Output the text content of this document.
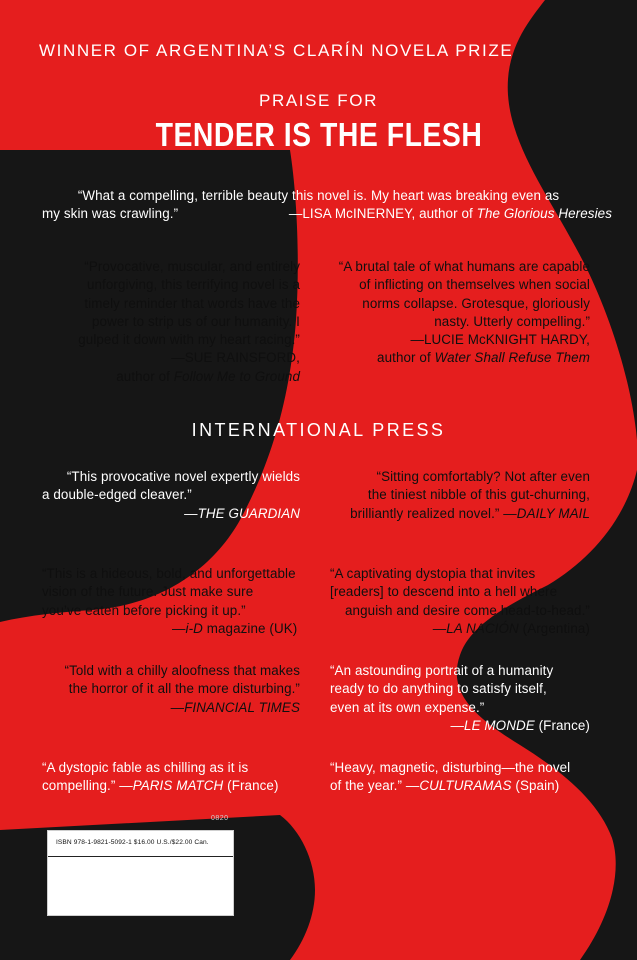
WINNER OF ARGENTINA’S CLARÍN NOVELA PRIZE
PRAISE FOR
TENDER IS THE FLESH
“What a compelling, terrible beauty this novel is. My heart was breaking even as
my skin was crawling.”	—LISA McINERNEY, author of The Glorious Heresies
“Provocative, muscular, and entirely
unforgiving, this terrifying novel is a
timely reminder that words have the
power to strip us of our humanity. I
gulped it down with my heart racing.”
—SUE RAINSFORD,
author of Follow Me to Ground
“A brutal tale of what humans are capable
of inflicting on themselves when social
norms collapse. Grotesque, gloriously
nasty. Utterly compelling.”
—LUCIE McKNIGHT HARDY,
author of Water Shall Refuse Them
INTERNATIONAL PRESS
“This provocative novel expertly wields
a double-edged cleaver.”
—THE GUARDIAN
“Sitting comfortably? Not after even
the tiniest nibble of this gut-churning,
brilliantly realized novel.” —DAILY MAIL
“This is a hideous, bold, and unforgettable
vision of the future. Just make sure
you’ve eaten before picking it up.”
—i-D magazine (UK)
“A captivating dystopia that invites
[readers] to descend into a hell where
anguish and desire come head-to-head.”
—LA NACIÓN (Argentina)
“Told with a chilly aloofness that makes
the horror of it all the more disturbing.”
—FINANCIAL TIMES
“An astounding portrait of a humanity
ready to do anything to satisfy itself,
even at its own expense.”
—LE MONDE (France)
“A dystopic fable as chilling as it is
compelling.” —PARIS MATCH (France)
“Heavy, magnetic, disturbing—the novel
of the year.” —CULTURAMAS (Spain)
0820
ISBN 978-1-9821-5092-1 $16.00 U.S./$22.00 Can.
